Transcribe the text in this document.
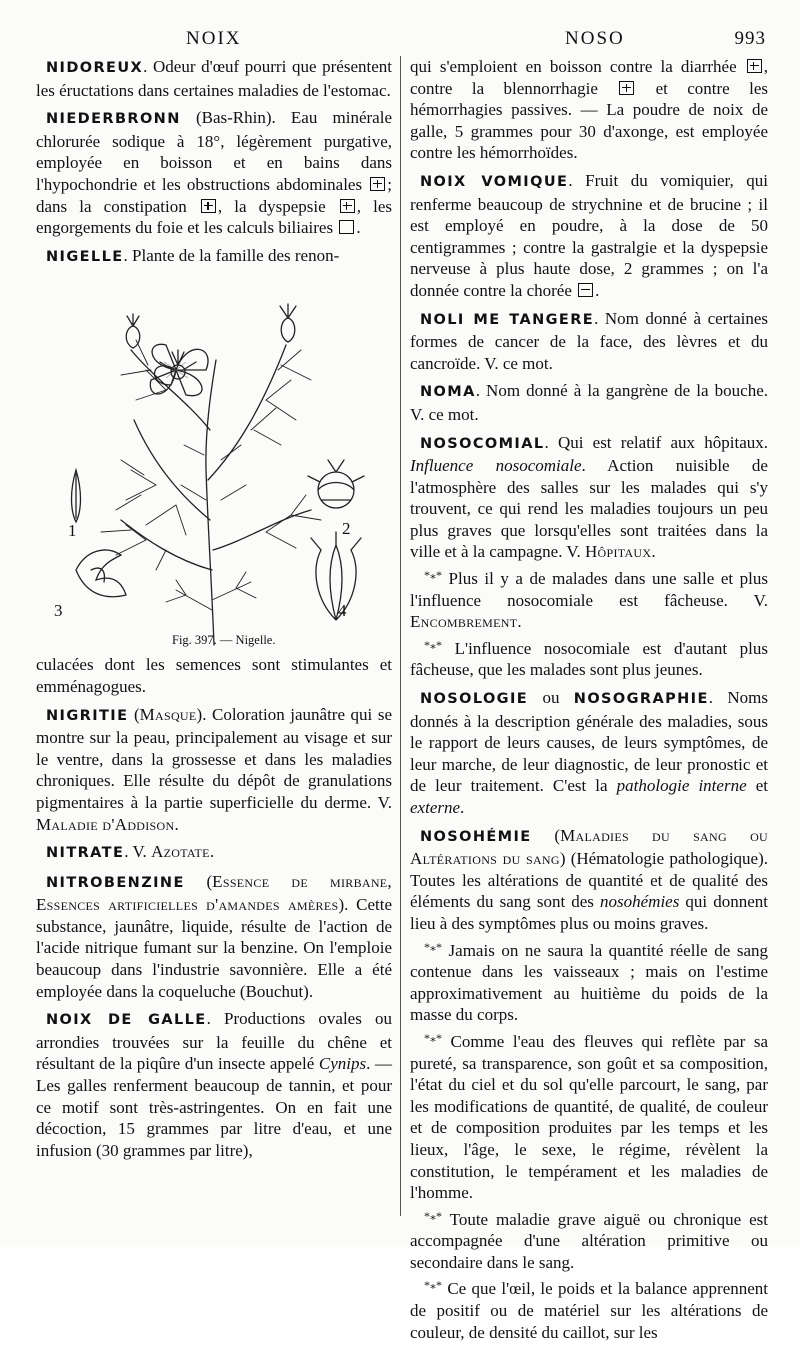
NOIX	NOSO	993

NIDOREUX. Odeur d'œuf pourri que présentent les éructations dans certaines maladies de l'estomac.

NIEDERBRONN (Bas-Rhin). Eau minérale chlorurée sodique à 18°, légèrement purgative, employée en boisson et en bains dans l'hypochondrie et les obstructions abdominales ; dans la constipation , la dyspepsie , les engorgements du foie et les calculs biliaires .

NIGELLE. Plante de la famille des renon-

1	2
3	4
Fig. 397. — Nigelle.

culacées dont les semences sont stimulantes et emménagogues.

NIGRITIE (Masque). Coloration jaunâtre qui se montre sur la peau, principalement au visage et sur le ventre, dans la grossesse et dans les maladies chroniques. Elle résulte du dépôt de granulations pigmentaires à la partie superficielle du derme. V. Maladie d'Addison.

NITRATE. V. Azotate.

NITROBENZINE (Essence de mirbane, Essences artificielles d'amandes amères). Cette substance, jaunâtre, liquide, résulte de l'action de l'acide nitrique fumant sur la benzine. On l'emploie beaucoup dans l'industrie savonnière. Elle a été employée dans la coqueluche (Bouchut).

NOIX DE GALLE. Productions ovales ou arrondies trouvées sur la feuille du chêne et résultant de la piqûre d'un insecte appelé Cynips. — Les galles renferment beaucoup de tannin, et pour ce motif sont très-astringentes. On en fait une décoction, 15 grammes par litre d'eau, et une infusion (30 grammes par litre),

qui s'emploient en boisson contre la diarrhée , contre la blennorrhagie  et contre les hémorrhagies passives. — La poudre de noix de galle, 5 grammes pour 30 d'axonge, est employée contre les hémorrhoïdes.

NOIX VOMIQUE. Fruit du vomiquier, qui renferme beaucoup de strychnine et de brucine ; il est employé en poudre, à la dose de 50 centigrammes ; contre la gastralgie et la dyspepsie nerveuse à plus haute dose, 2 grammes ; on l'a donnée contre la chorée .

NOLI ME TANGERE. Nom donné à certaines formes de cancer de la face, des lèvres et du cancroïde. V. ce mot.

NOMA. Nom donné à la gangrène de la bouche. V. ce mot.

NOSOCOMIAL. Qui est relatif aux hôpitaux. Influence nosocomiale. Action nuisible de l'atmosphère des salles sur les malades qui s'y trouvent, ce qui rend les maladies toujours un peu plus graves que lorsqu'elles sont traitées dans la ville et à la campagne. V. Hôpitaux.

*⁎* Plus il y a de malades dans une salle et plus l'influence nosocomiale est fâcheuse. V. Encombrement.

*⁎* L'influence nosocomiale est d'autant plus fâcheuse, que les malades sont plus jeunes.

NOSOLOGIE ou NOSOGRAPHIE. Noms donnés à la description générale des maladies, sous le rapport de leurs causes, de leurs symptômes, de leur marche, de leur diagnostic, de leur pronostic et de leur traitement. C'est la pathologie interne et externe.

NOSOHÉMIE (Maladies du sang ou Altérations du sang) (Hématologie pathologique). Toutes les altérations de quantité et de qualité des éléments du sang sont des nosohémies qui donnent lieu à des symptômes plus ou moins graves.

*⁎* Jamais on ne saura la quantité réelle de sang contenue dans les vaisseaux ; mais on l'estime approximativement au huitième du poids de la masse du corps.

*⁎* Comme l'eau des fleuves qui reflète par sa pureté, sa transparence, son goût et sa composition, l'état du ciel et du sol qu'elle parcourt, le sang, par les modifications de quantité, de qualité, de couleur et de composition produites par les temps et les lieux, l'âge, le sexe, le régime, révèlent la constitution, le tempérament et les maladies de l'homme.

*⁎* Toute maladie grave aiguë ou chronique est accompagnée d'une altération primitive ou secondaire dans le sang.

*⁎* Ce que l'œil, le poids et la balance apprennent de positif ou de matériel sur les altérations de couleur, de densité du caillot, sur les
